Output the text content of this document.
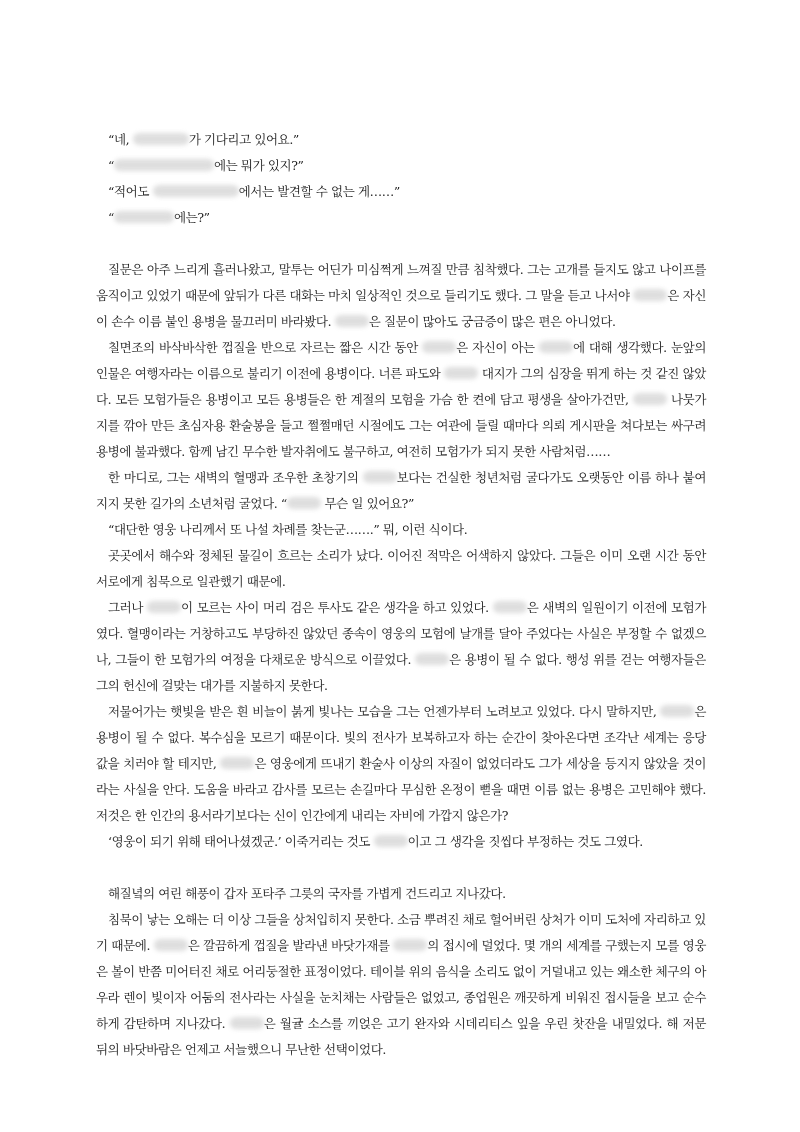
“네,	가 기다리고 있어요.”

“	에는 뭐가 있지?”

“적어도	에서는 발견할 수 없는 게……”

“	에는?”

질문은 아주 느리게 흘러나왔고, 말투는 어딘가 미심쩍게 느껴질 만큼 침착했다. 그는 고개를 들지도 않고 나이프를 움직이고 있었기 때문에 앞뒤가 다른 대화는 마치 일상적인 것으로 들리기도 했다. 그 말을 듣고 나서야	은 자신이 손수 이름 붙인 용병을 물끄러미 바라봤다.	은 질문이 많아도 궁금증이 많은 편은 아니었다.

칠면조의 바삭바삭한 껍질을 반으로 자르는 짧은 시간 동안	은 자신이 아는	에 대해 생각했다. 눈앞의 인물은 여행자라는 이름으로 불리기 이전에 용병이다. 너른 파도와	대지가 그의 심장을 뛰게 하는 것 같진 않았다. 모든 모험가들은 용병이고 모든 용병들은 한 계절의 모험을 가슴 한 켠에 담고 평생을 살아가건만,	나뭇가지를 깎아 만든 초심자용 환술봉을 들고 쩔쩔매던 시절에도 그는 여관에 들릴 때마다 의뢰 게시판을 쳐다보는 싸구려 용병에 불과했다. 함께 남긴 무수한 발자취에도 불구하고, 여전히 모험가가 되지 못한 사람처럼……

한 마디로, 그는 새벽의 혈맹과 조우한 초창기의	보다는 건실한 청년처럼 굴다가도 오랫동안 이름 하나 붙여지지 못한 길가의 소년처럼 굴었다. “	무슨 일 있어요?”

“대단한 영웅 나리께서 또 나설 차례를 찾는군…….” 뭐, 이런 식이다.

곳곳에서 해수와 정체된 물길이 흐르는 소리가 났다. 이어진 적막은 어색하지 않았다. 그들은 이미 오랜 시간 동안 서로에게 침묵으로 일관했기 때문에.

그러나	이 모르는 사이 머리 검은 투사도 같은 생각을 하고 있었다.	은 새벽의 일원이기 이전에 모험가였다. 혈맹이라는 거창하고도 부당하진 않았던 종속이 영웅의 모험에 날개를 달아 주었다는 사실은 부정할 수 없겠으나, 그들이 한 모험가의 여정을 다채로운 방식으로 이끌었다.	은 용병이 될 수 없다. 행성 위를 걷는 여행자들은 그의 헌신에 걸맞는 대가를 지불하지 못한다.

저물어가는 햇빛을 받은 흰 비늘이 붉게 빛나는 모습을 그는 언젠가부터 노려보고 있었다. 다시 말하지만,	은 용병이 될 수 없다. 복수심을 모르기 때문이다. 빛의 전사가 보복하고자 하는 순간이 찾아온다면 조각난 세계는 응당 값을 치러야 할 테지만,	은 영웅에게 뜨내기 환술사 이상의 자질이 없었더라도 그가 세상을 등지지 않았을 것이라는 사실을 안다. 도움을 바라고 감사를 모르는 손길마다 무심한 온정이 뻗을 때면 이름 없는 용병은 고민해야 했다. 저것은 한 인간의 용서라기보다는 신이 인간에게 내리는 자비에 가깝지 않은가?

‘영웅이 되기 위해 태어나셨겠군.’ 이죽거리는 것도	이고 그 생각을 짓씹다 부정하는 것도 그였다.

해질녘의 여린 해풍이 갑자 포타주 그릇의 국자를 가볍게 건드리고 지나갔다.

침묵이 낳는 오해는 더 이상 그들을 상처입히지 못한다. 소금 뿌려진 채로 헐어버린 상처가 이미 도처에 자리하고 있기 때문에.	은 깔끔하게 껍질을 발라낸 바닷가재를	의 접시에 덜었다. 몇 개의 세계를 구했는지 모를 영웅은 볼이 반쯤 미어터진 채로 어리둥절한 표정이었다. 테이블 위의 음식을 소리도 없이 거덜내고 있는 왜소한 체구의 아우라 렌이 빛이자 어둠의 전사라는 사실을 눈치채는 사람들은 없었고, 종업원은 깨끗하게 비워진 접시들을 보고 순수하게 감탄하며 지나갔다.	은 월귤 소스를 끼얹은 고기 완자와 시데리티스 잎을 우린 찻잔을 내밀었다. 해 저문 뒤의 바닷바람은 언제고 서늘했으니 무난한 선택이었다.
